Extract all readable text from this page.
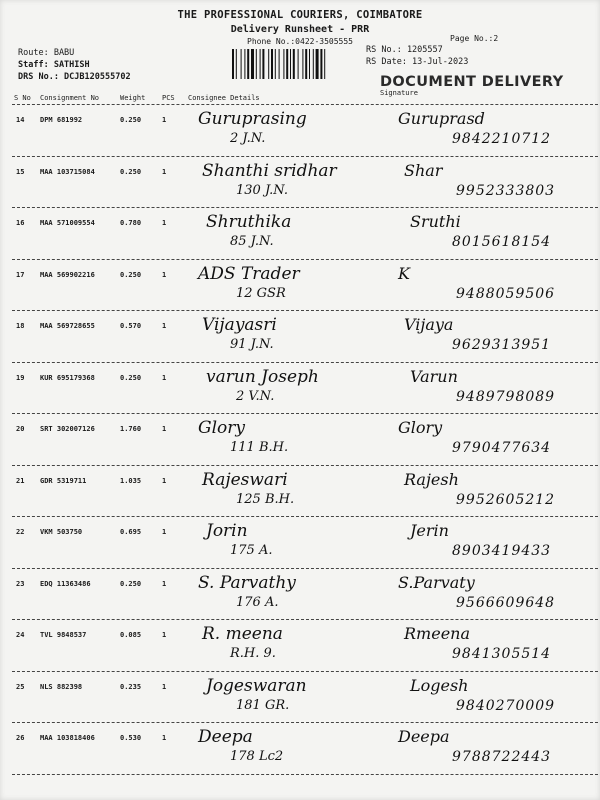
THE PROFESSIONAL COURIERS, COIMBATORE
Delivery Runsheet - PRR
Phone No.:0422-3505555	Page No.:2
Route: BABU
Staff: SATHISH
DRS No.: DCJB120555702
RS No.: 1205557
RS Date: 13-Jul-2023
DOCUMENT DELIVERY
S No Consignment No	Weight PCS Consignee Details
Signature
14 DPM 681992	0.250	1 Guruprasing
2 J.N.
Guruprasd
9842210712
15 MAA 103715084	0.250	1 Shanthi sridhar
130 J.N.
Shar
9952333803
16 MAA 571009554	0.780	1 Shruthika
85 J.N.
Sruthi
8015618154
17 MAA 569902216	0.250	1 ADS Trader
12 GSR
K
9488059506
18 MAA 569728655	0.570	1 Vijayasri
91 J.N.
Vijaya
9629313951
19 KUR 695179368	0.250	1 varun Joseph
2 V.N.
Varun
9489798089
20 SRT 302007126	1.760	1 Glory
111 B.H.
Glory
9790477634
21 GDR 5319711	1.035	1 Rajeswari
125 B.H.
Rajesh
9952605212
22 VKM 503750	0.695	1 Jorin
175 A.
Jerin
8903419433
23 EDQ 11363486	0.250	1 S. Parvathy
176 A.
S.Parvaty
9566609648
24 TVL 9848537	0.085	1 R. meena
R.H. 9.
Rmeena
9841305514
25 NLS 882398	0.235	1 Jogeswaran
181 GR.
Logesh
9840270009
26 MAA 103818406	0.530	1 Deepa
178 Lc2
Deepa
9788722443
